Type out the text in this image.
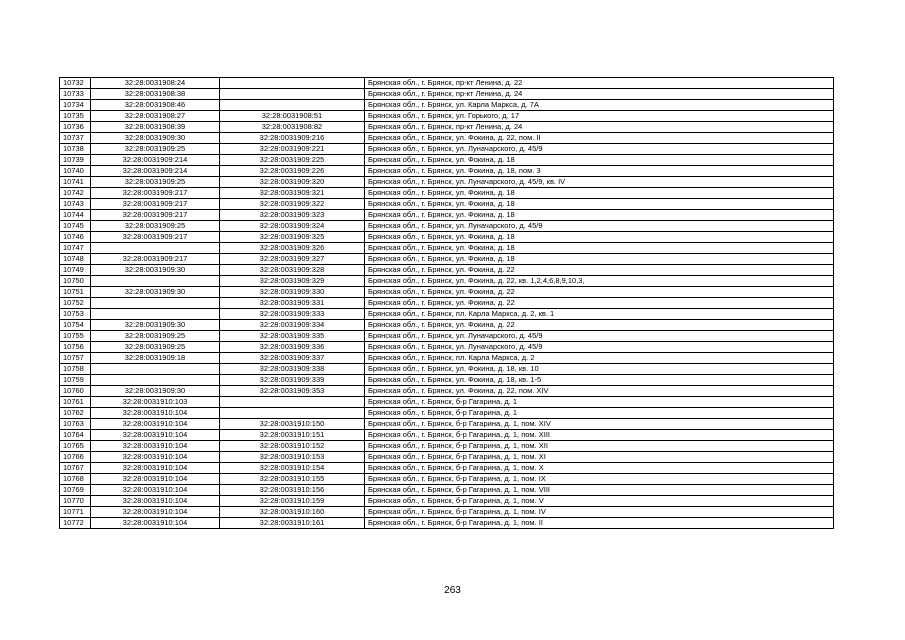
10732	32:28:0031908:24		Брянская обл., г. Брянск, пр-кт Ленина, д. 22
10733	32:28:0031908:38		Брянская обл., г. Брянск, пр-кт Ленина, д. 24
10734	32:28:0031908:46		Брянская обл., г. Брянск, ул. Карла Маркса, д. 7А
10735	32:28:0031908:27	32:28:0031908:51	Брянская обл., г. Брянск, ул. Горького, д. 17
10736	32:28:0031908:39	32:28:0031908:82	Брянская обл., г. Брянск, пр-кт Ленина, д. 24
10737	32:28:0031909:30	32:28:0031909:216	Брянская обл., г. Брянск, ул. Фокина, д. 22, пом. II
10738	32:28:0031909:25	32:28:0031909:221	Брянская обл., г. Брянск, ул. Луначарского, д. 45/9
10739	32:28:0031909:214	32:28:0031909:225	Брянская обл., г. Брянск, ул. Фокина, д. 18
10740	32:28:0031909:214	32:28:0031909:226	Брянская обл., г. Брянск, ул. Фокина, д. 18, пом. 3
10741	32:28:0031909:25	32:28:0031909:320	Брянская обл., г. Брянск, ул. Луначарского, д. 45/9, кв. IV
10742	32:28:0031909:217	32:28:0031909:321	Брянская обл., г. Брянск, ул. Фокина, д. 18
10743	32:28:0031909:217	32:28:0031909:322	Брянская обл., г. Брянск, ул. Фокина, д. 18
10744	32:28:0031909:217	32:28:0031909:323	Брянская обл., г. Брянск, ул. Фокина, д. 18
10745	32:28:0031909:25	32:28:0031909:324	Брянская обл., г. Брянск, ул. Луначарского, д. 45/9
10746	32:28:0031909:217	32:28:0031909:325	Брянская обл., г. Брянск, ул. Фокина, д. 18
10747		32:28:0031909:326	Брянская обл., г. Брянск, ул. Фокина, д. 18
10748	32:28:0031909:217	32:28:0031909:327	Брянская обл., г. Брянск, ул. Фокина, д. 18
10749	32:28:0031909:30	32:28:0031909:328	Брянская обл., г. Брянск, ул. Фокина, д. 22
10750		32:28:0031909:329	Брянская обл., г. Брянск, ул. Фокина, д. 22, кв. 1,2,4,6,8,9,10,3,
10751	32:28:0031909:30	32:28:0031909:330	Брянская обл., г. Брянск, ул. Фокина, д. 22
10752		32:28:0031909:331	Брянская обл., г. Брянск, ул. Фокина, д. 22
10753		32:28:0031909:333	Брянская обл., г. Брянск, пл. Карла Маркса, д. 2, кв. 1
10754	32:28:0031909:30	32:28:0031909:334	Брянская обл., г. Брянск, ул. Фокина, д. 22
10755	32:28:0031909:25	32:28:0031909:335	Брянская обл., г. Брянск, ул. Луначарского, д. 45/9
10756	32:28:0031909:25	32:28:0031909:336	Брянская обл., г. Брянск, ул. Луначарского, д. 45/9
10757	32:28:0031909:18	32:28:0031909:337	Брянская обл., г. Брянск, пл. Карла Маркса, д. 2
10758		32:28:0031909:338	Брянская обл., г. Брянск, ул. Фокина, д. 18, кв. 10
10759		32:28:0031909:339	Брянская обл., г. Брянск, ул. Фокина, д. 18, кв. 1-5
10760	32:28:0031909:30	32:28:0031909:353	Брянская обл., г. Брянск, ул. Фокина, д. 22, пом. XIV
10761	32:28:0031910:103		Брянская обл., г. Брянск, б-р Гагарина, д. 1
10762	32:28:0031910:104		Брянская обл., г. Брянск, б-р Гагарина, д. 1
10763	32:28:0031910:104	32:28:0031910:150	Брянская обл., г. Брянск, б-р Гагарина, д. 1, пом. XIV
10764	32:28:0031910:104	32:28:0031910:151	Брянская обл., г. Брянск, б-р Гагарина, д. 1, пом. XIII
10765	32:28:0031910:104	32:28:0031910:152	Брянская обл., г. Брянск, б-р Гагарина, д. 1, пом. XII
10766	32:28:0031910:104	32:28:0031910:153	Брянская обл., г. Брянск, б-р Гагарина, д. 1, пом. XI
10767	32:28:0031910:104	32:28:0031910:154	Брянская обл., г. Брянск, б-р Гагарина, д. 1, пом. X
10768	32:28:0031910:104	32:28:0031910:155	Брянская обл., г. Брянск, б-р Гагарина, д. 1, пом. IX
10769	32:28:0031910:104	32:28:0031910:156	Брянская обл., г. Брянск, б-р Гагарина, д. 1, пом. VIII
10770	32:28:0031910:104	32:28:0031910:159	Брянская обл., г. Брянск, б-р Гагарина, д. 1, пом. V
10771	32:28:0031910:104	32:28:0031910:160	Брянская обл., г. Брянск, б-р Гагарина, д. 1, пом. IV
10772	32:28:0031910:104	32:28:0031910:161	Брянская обл., г. Брянск, б-р Гагарина, д. 1, пом. II
263
